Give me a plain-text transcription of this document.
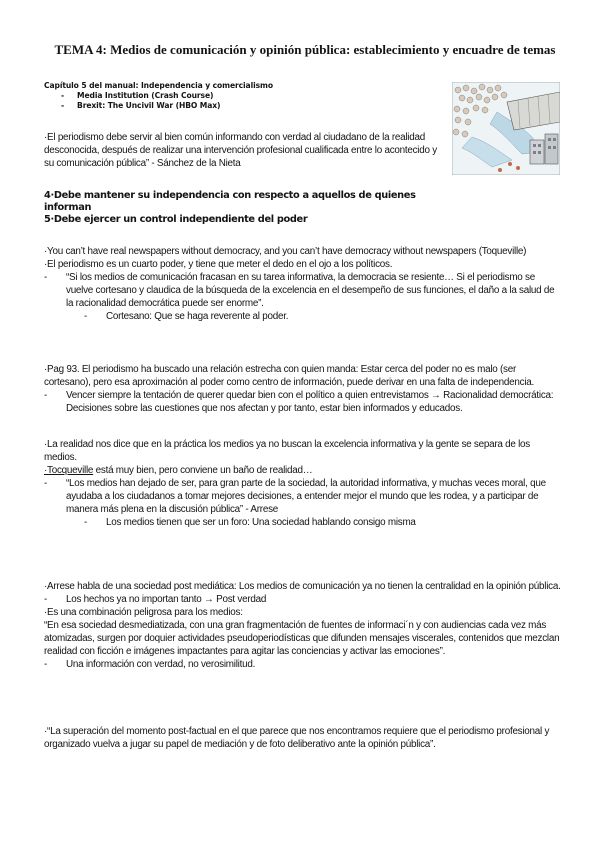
TEMA 4: Medios de comunicación y opinión pública: establecimiento y encuadre de temas
Capítulo 5 del manual: Independencia y comercialismo
- Media Institution (Crash Course)
- Brexit: The Uncivil War (HBO Max)
·El periodismo debe servir al bien común informando con verdad al ciudadano de la realidad desconocida, después de realizar una intervención profesional cualificada entre lo acontecido y su comunicación pública” - Sánchez de la Nieta
4·Debe mantener su independencia con respecto a aquellos de quienes informan
5·Debe ejercer un control independiente del poder
·You can’t have real newspapers without democracy, and you can’t have democracy without newspapers (Toqueville)
·El periodismo es un cuarto poder, y tiene que meter el dedo en el ojo a los políticos.
- “Si los medios de comunicación fracasan en su tarea informativa, la democracia se resiente… Si el periodismo se vuelve cortesano y claudica de la búsqueda de la excelencia en el desempeño de sus funciones, el daño a la salud de la racionalidad democrática puede ser enorme”.
- Cortesano: Que se haga reverente al poder.
·Pag 93. El periodismo ha buscado una relación estrecha con quien manda: Estar cerca del poder no es malo (ser cortesano), pero esa aproximación al poder como centro de información, puede derivar en una falta de independencia.
- Vencer siempre la tentación de querer quedar bien con el político a quien entrevistamos → Racionalidad democrática: Decisiones sobre las cuestiones que nos afectan y por tanto, estar bien informados y educados.
·La realidad nos dice que en la práctica los medios ya no buscan la excelencia informativa y la gente se separa de los medios.
·Tocqueville está muy bien, pero conviene un baño de realidad…
- “Los medios han dejado de ser, para gran parte de la sociedad, la autoridad informativa, y muchas veces moral, que ayudaba a los ciudadanos a tomar mejores decisiones, a entender mejor el mundo que les rodea, y a participar de manera más plena en la discusión pública” - Arrese
- Los medios tienen que ser un foro: Una sociedad hablando consigo misma
·Arrese habla de una sociedad post mediática: Los medios de comunicación ya no tienen la centralidad en la opinión pública.
- Los hechos ya no importan tanto → Post verdad
·Es una combinación peligrosa para los medios:
“En esa sociedad desmediatizada, con una gran fragmentación de fuentes de informaci´n y con audiencias cada vez más atomizadas, surgen por doquier actividades pseudoperiodísticas que difunden mensajes viscerales, contenidos que mezclan realidad con ficción e imágenes impactantes para agitar las conciencias y activar las emociones”.
- Una información con verdad, no verosimilitud.
·“La superación del momento post-factual en el que parece que nos encontramos requiere que el periodismo profesional y organizado vuelva a jugar su papel de mediación y de foto deliberativo ante la opinión pública”.
